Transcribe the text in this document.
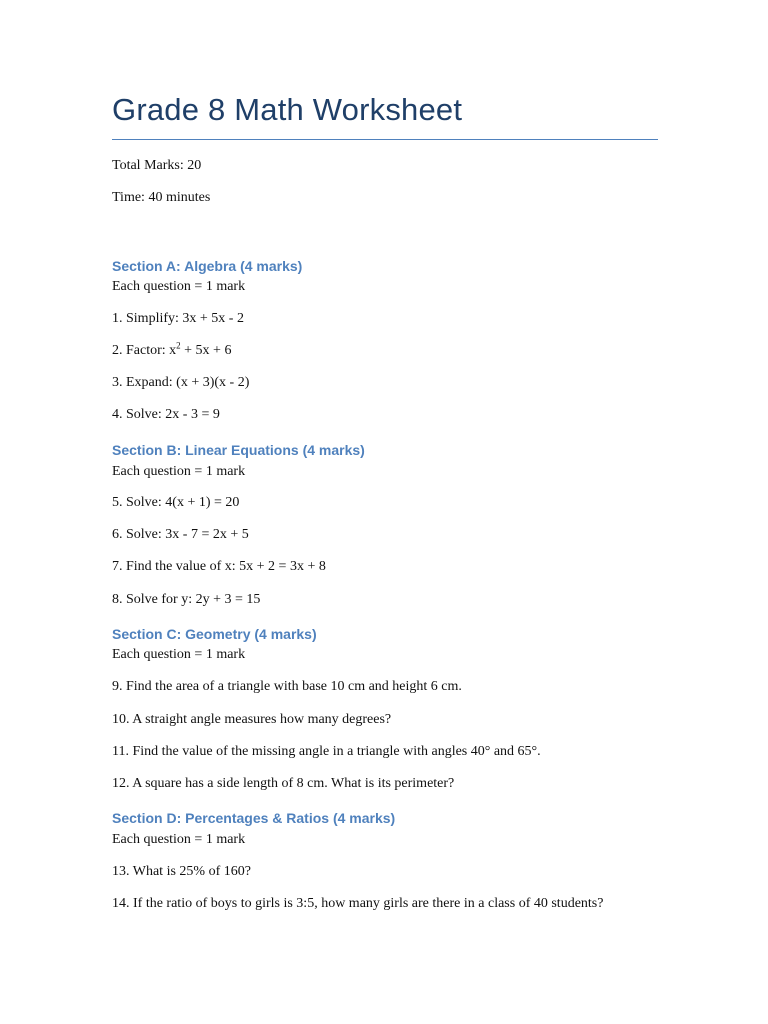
Grade 8 Math Worksheet
Total Marks: 20
Time: 40 minutes
Section A: Algebra (4 marks)
Each question = 1 mark
1. Simplify: 3x + 5x - 2
2. Factor: $x^2 + 5x + 6$
3. Expand: (x + 3)(x - 2)
4. Solve: 2x - 3 = 9
Section B: Linear Equations (4 marks)
Each question = 1 mark
5. Solve: 4(x + 1) = 20
6. Solve: 3x - 7 = 2x + 5
7. Find the value of x: 5x + 2 = 3x + 8
8. Solve for y: 2y + 3 = 15
Section C: Geometry (4 marks)
Each question = 1 mark
9. Find the area of a triangle with base 10 cm and height 6 cm.
10. A straight angle measures how many degrees?
11. Find the value of the missing angle in a triangle with angles 40° and 65°.
12. A square has a side length of 8 cm. What is its perimeter?
Section D: Percentages & Ratios (4 marks)
Each question = 1 mark
13. What is 25% of 160?
14. If the ratio of boys to girls is 3:5, how many girls are there in a class of 40 students?
